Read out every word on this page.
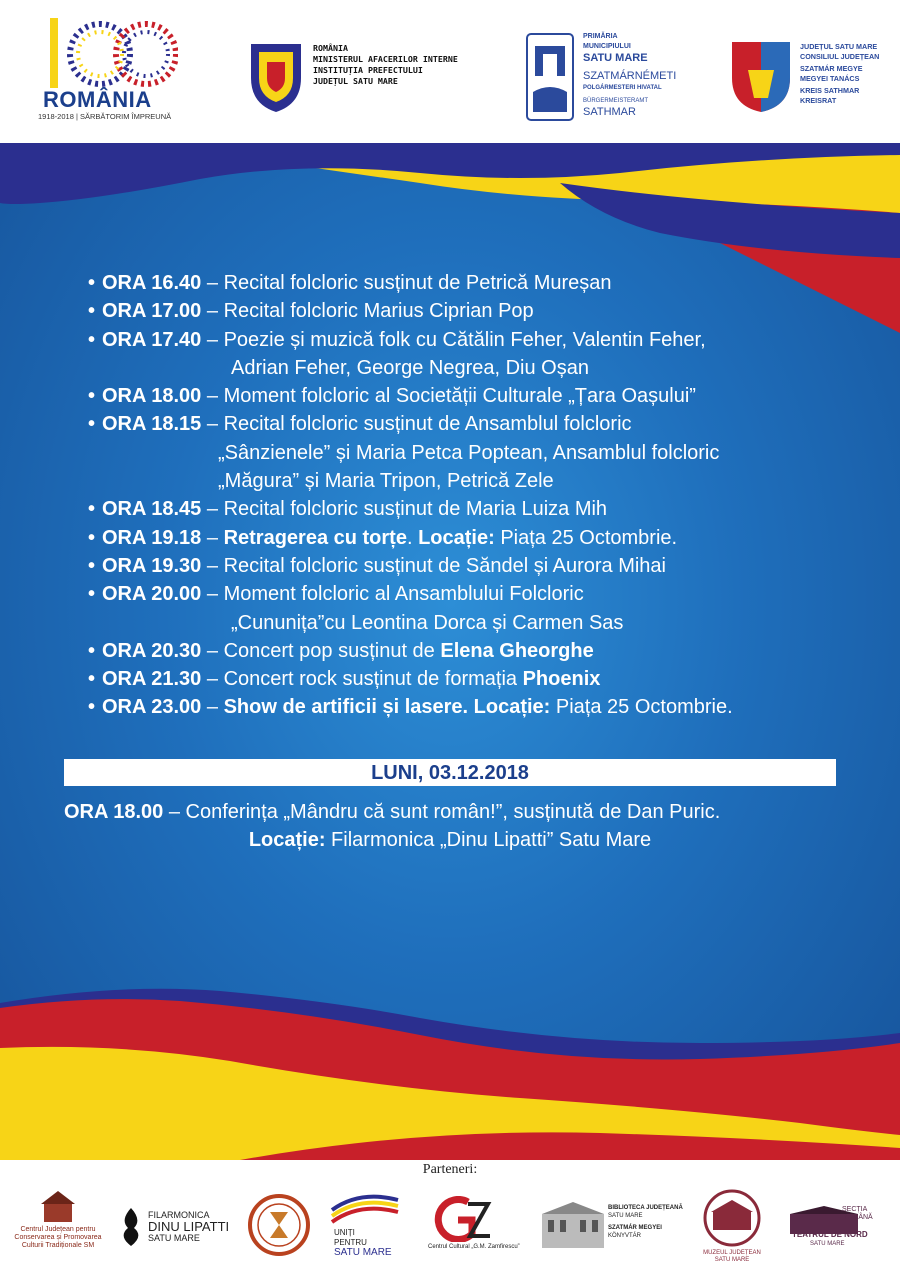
ROMÂNIA
1918-2018 | SĂRBĂTORIM ÎMPREUNĂ
ROMÂNIA
MINISTERUL AFACERILOR INTERNE
INSTITUȚIA PREFECTULUI
JUDEȚUL SATU MARE
PRIMĂRIA
MUNICIPIULUI
SATU MARE
SZATMÁRNÉMETI
POLGÁRMESTERI HIVATAL
BÜRGERMEISTERAMT
SATHMAR
JUDEȚUL SATU MARE
CONSILIUL JUDEȚEAN
SZATMÁR MEGYE
MEGYEI TANÁCS
KREIS SATHMAR
KREISRAT
• ORA 16.40 – Recital folcloric susținut de Petrică Mureșan
• ORA 17.00 – Recital folcloric Marius Ciprian Pop
• ORA 17.40 – Poezie și muzică folk cu Cătălin Feher, Valentin Feher,
Adrian Feher, George Negrea, Diu Oșan
• ORA 18.00 – Moment folcloric al Societății Culturale „Țara Oașului”
• ORA 18.15 – Recital folcloric susținut de Ansamblul folcloric
„Sânzienele” și Maria Petca Poptean, Ansamblul folcloric
„Măgura” și Maria Tripon, Petrică Zele
• ORA 18.45 – Recital folcloric susținut de Maria Luiza Mih
• ORA 19.18 – Retragerea cu torțe. Locație: Piața 25 Octombrie.
• ORA 19.30 – Recital folcloric susținut de Săndel și Aurora Mihai
• ORA 20.00 – Moment folcloric al Ansamblului Folcloric
„Cununița”cu Leontina Dorca și Carmen Sas
• ORA 20.30 – Concert pop susținut de Elena Gheorghe
• ORA 21.30 – Concert rock susținut de formația Phoenix
• ORA 23.00 – Show de artificii și lasere. Locație: Piața 25 Octombrie.
LUNI, 03.12.2018
ORA 18.00 – Conferința „Mândru că sunt român!”, susținută de Dan Puric.
Locație: Filarmonica „Dinu Lipatti” Satu Mare
Parteneri:
Centrul Județean pentru Conservarea și Promovarea Culturii Tradiționale SM
FILARMONICA
DINU LIPATTI
SATU MARE
UNIȚI
PENTRU
SATU MARE	Centrul Cultural „G.M. Zamfirescu”
BIBLIOTECA JUDEȚEANĂ
SATU MARE
SZATMÁR MEGYEI
KÖNYVTÁR
MUZEUL JUDEȚEAN
SATU MARE
SECȚIA
ROMÂNĂ
TEATRUL DE NORD
SATU MARE
